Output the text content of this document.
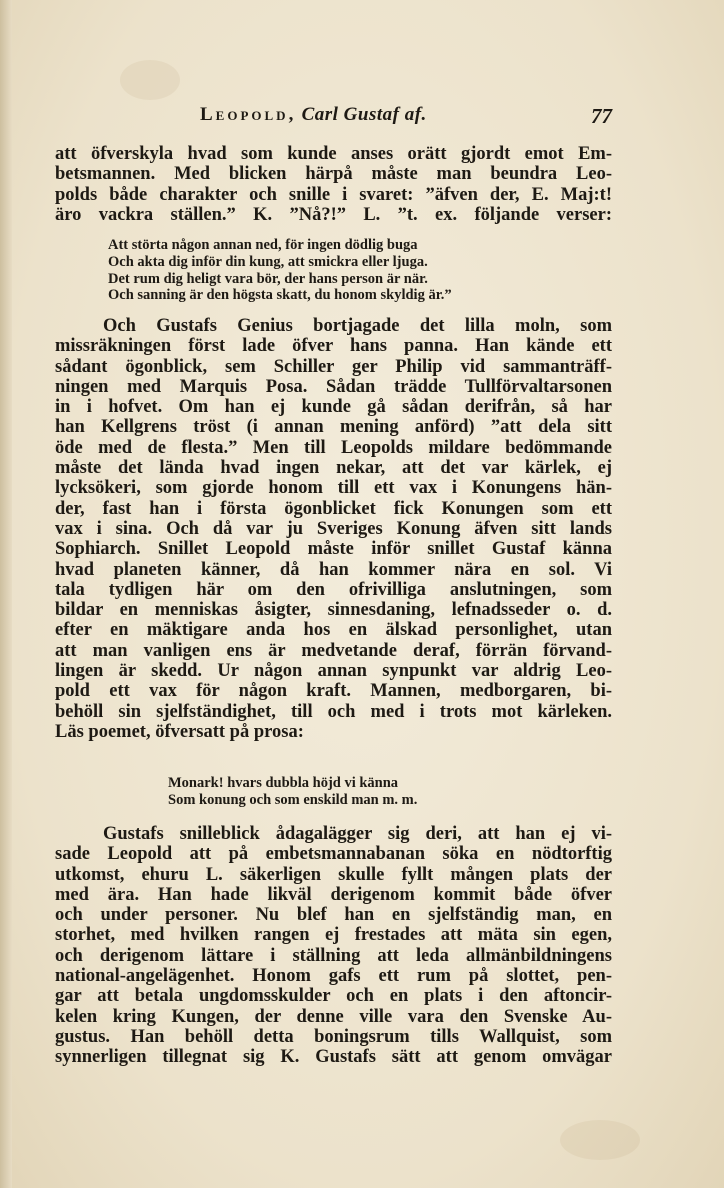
Leopold, Carl Gustaf af.	77
att öfverskyla hvad som kunde anses orätt gjordt emot Em-
betsmannen. Med blicken härpå måste man beundra Leo-
polds både charakter och snille i svaret: ”äfven der, E. Maj:t!
äro vackra ställen.” K. ”Nå?!” L. ”t. ex. följande verser:
Att störta någon annan ned, för ingen dödlig buga
Och akta dig inför din kung, att smickra eller ljuga.
Det rum dig heligt vara bör, der hans person är när.
Och sanning är den högsta skatt, du honom skyldig är.”
Och Gustafs Genius bortjagade det lilla moln, som
missräkningen först lade öfver hans panna. Han kände ett
sådant ögonblick, sem Schiller ger Philip vid sammanträff-
ningen med Marquis Posa. Sådan trädde Tullförvaltarsonen
in i hofvet. Om han ej kunde gå sådan derifrån, så har
han Kellgrens tröst (i annan mening anförd) ”att dela sitt
öde med de flesta.” Men till Leopolds mildare bedömmande
måste det lända hvad ingen nekar, att det var kärlek, ej
lycksökeri, som gjorde honom till ett vax i Konungens hän-
der, fast han i första ögonblicket fick Konungen som ett
vax i sina. Och då var ju Sveriges Konung äfven sitt lands
Sophiarch. Snillet Leopold måste inför snillet Gustaf känna
hvad planeten känner, då han kommer nära en sol. Vi
tala tydligen här om den ofrivilliga anslutningen, som
bildar en menniskas åsigter, sinnesdaning, lefnadsseder o. d.
efter en mäktigare anda hos en älskad personlighet, utan
att man vanligen ens är medvetande deraf, förrän förvand-
lingen är skedd. Ur någon annan synpunkt var aldrig Leo-
pold ett vax för någon kraft. Mannen, medborgaren, bi-
behöll sin sjelfständighet, till och med i trots mot kärleken.
Läs poemet, öfversatt på prosa:
Monark! hvars dubbla höjd vi känna
Som konung och som enskild man m. m.
Gustafs snilleblick ådagalägger sig deri, att han ej vi-
sade Leopold att på embetsmannabanan söka en nödtorftig
utkomst, ehuru L. säkerligen skulle fyllt mången plats der
med ära. Han hade likväl derigenom kommit både öfver
och under personer. Nu blef han en sjelfständig man, en
storhet, med hvilken rangen ej frestades att mäta sin egen,
och derigenom lättare i ställning att leda allmänbildningens
national-angelägenhet. Honom gafs ett rum på slottet, pen-
gar att betala ungdomsskulder och en plats i den aftoncir-
kelen kring Kungen, der denne ville vara den Svenske Au-
gustus. Han behöll detta boningsrum tills Wallquist, som
synnerligen tillegnat sig K. Gustafs sätt att genom omvägar
